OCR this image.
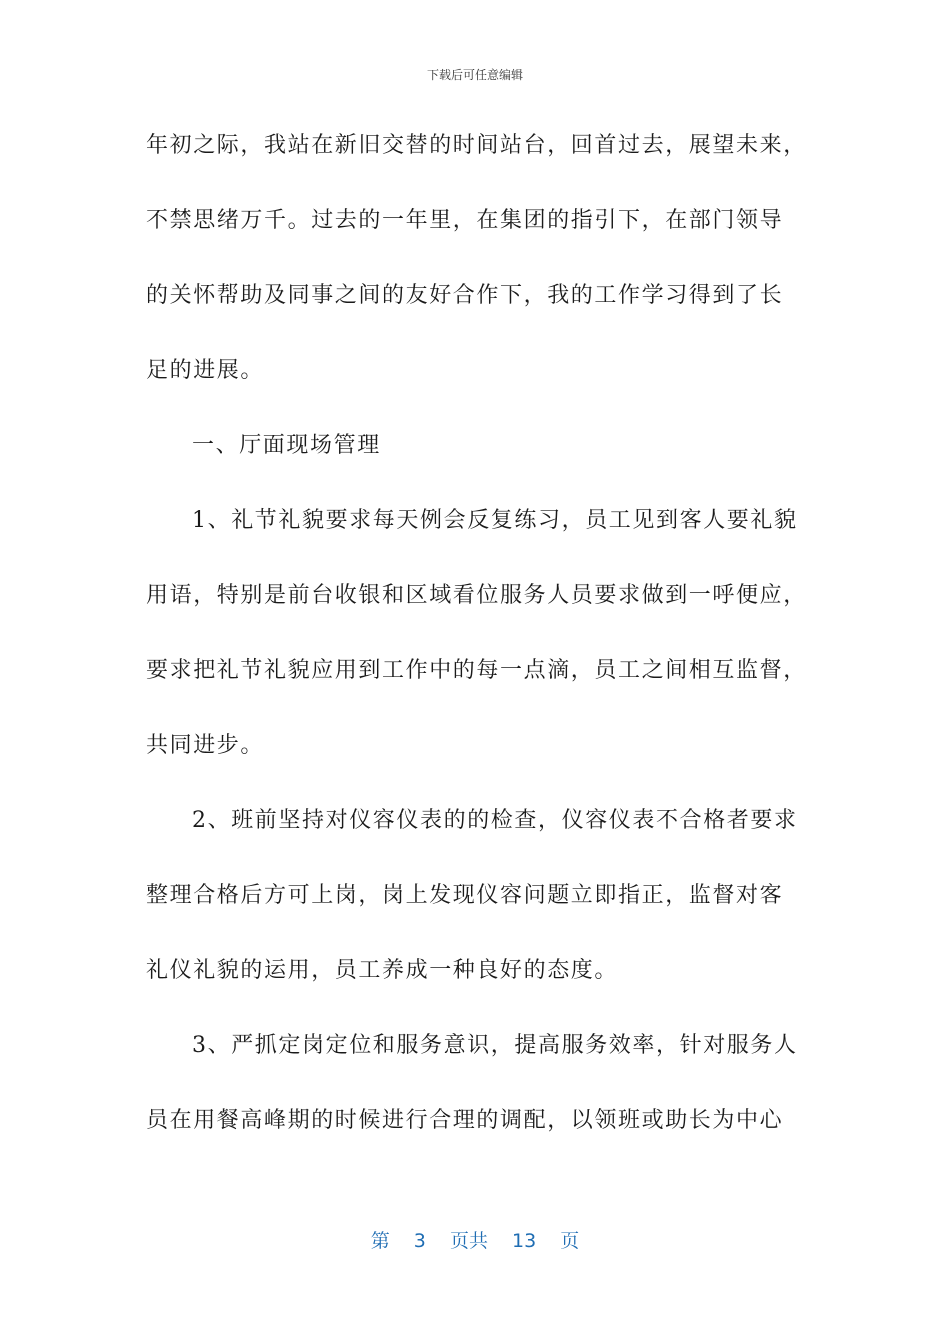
下载后可任意编辑
年初之际，我站在新旧交替的时间站台，回首过去，展望未来，
不禁思绪万千。过去的一年里，在集团的指引下，在部门领导
的关怀帮助及同事之间的友好合作下，我的工作学习得到了长
足的进展。
一、厅面现场管理
1、礼节礼貌要求每天例会反复练习，员工见到客人要礼貌
用语，特别是前台收银和区域看位服务人员要求做到一呼便应，
要求把礼节礼貌应用到工作中的每一点滴，员工之间相互监督，
共同进步。
2、班前坚持对仪容仪表的的检查，仪容仪表不合格者要求
整理合格后方可上岗，岗上发现仪容问题立即指正，监督对客
礼仪礼貌的运用，员工养成一种良好的态度。
3、严抓定岗定位和服务意识，提高服务效率，针对服务人
员在用餐高峰期的时候进行合理的调配，以领班或助长为中心
第 3 页共 13 页
